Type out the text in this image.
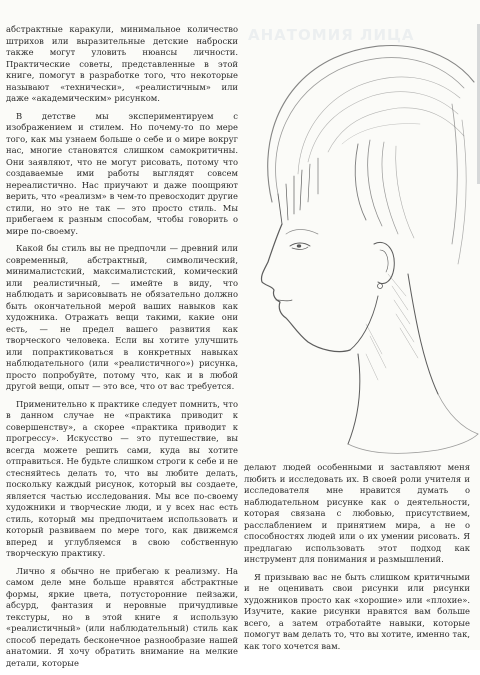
АНАТОМИЯ ЛИЦА

абстрактные каракули, минимальное количество штрихов или выразительные детские наброски также могут уловить нюансы личности. Практические советы, представленные в этой книге, помогут в разработке того, что некоторые называют «технически», «реалистичным» или даже «академическим» рисунком.

В детстве мы экспериментируем с изображением и стилем. Но почему-то по мере того, как мы узнаем больше о себе и о мире вокруг нас, многие становятся слишком самокритичны. Они заявляют, что не могут рисовать, потому что создаваемые ими работы выглядят совсем нереалистично. Нас приучают и даже поощряют верить, что «реализм» в чем-то превосходит другие стили, но это не так — это просто стиль. Мы прибегаем к разным способам, чтобы говорить о мире по-своему.

Какой бы стиль вы не предпочли — древний или современный, абстрактный, символический, минималистский, максималистский, комический или реалистичный, — имейте в виду, что наблюдать и зарисовывать не обязательно должно быть окончательной мерой ваших навыков как художника. Отражать вещи такими, какие они есть, — не предел вашего развития как творческого человека. Если вы хотите улучшить или попрактиковаться в конкретных навыках наблюдательного (или «реалистичного») рисунка, просто попробуйте, потому что, как и в любой другой вещи, опыт — это все, что от вас требуется.

Применительно к практике следует помнить, что в данном случае не «практика приводит к совершенству», а скорее «практика приводит к прогрессу». Искусство — это путешествие, вы всегда можете решить сами, куда вы хотите отправиться. Не будьте слишком строги к себе и не стесняйтесь делать то, что вы любите делать, поскольку каждый рисунок, который вы создаете, является частью исследования. Мы все по-своему художники и творческие люди, и у всех нас есть стиль, который мы предпочитаем использовать и который развиваем по мере того, как движемся вперед и углубляемся в свою собственную творческую практику.

Лично я обычно не прибегаю к реализму. На самом деле мне больше нравятся абстрактные формы, яркие цвета, потусторонние пейзажи, абсурд, фантазия и неровные причудливые текстуры, но в этой книге я использую «реалистичный» (или наблюдательный) стиль как способ передать бесконечное разнообразие нашей анатомии. Я хочу обратить внимание на мелкие детали, которые

делают людей особенными и заставляют меня любить и исследовать их. В своей роли учителя и исследователя мне нравится думать о наблюдательном рисунке как о деятельности, которая связана с любовью, присутствием, расслаблением и принятием мира, а не о способностях людей или о их умении рисовать. Я предлагаю использовать этот подход как инструмент для понимания и размышлений.

Я призываю вас не быть слишком критичными и не оценивать свои рисунки или рисунки художников просто как «хорошие» или «плохие». Изучите, какие рисунки нравятся вам больше всего, а затем отработайте навыки, которые помогут вам делать то, что вы хотите, именно так, как того хочется вам.
